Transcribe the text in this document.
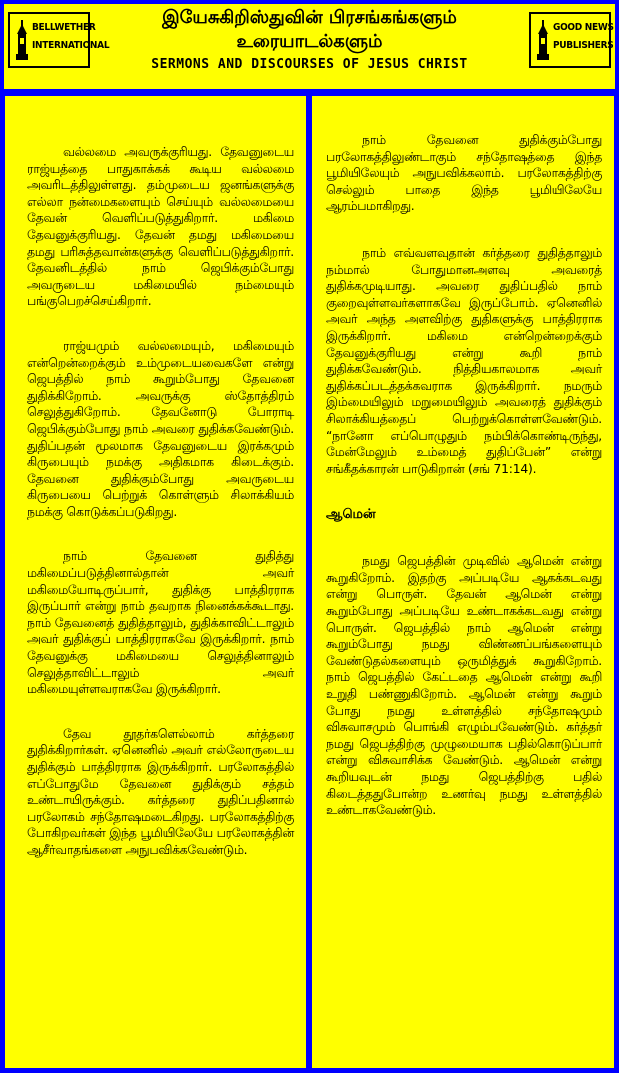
BELLWETHER
INTERNATIONAL
இயேசுகிறிஸ்துவின் பிரசங்கங்களும்
உரையாடல்களும்
SERMONS AND DISCOURSES OF JESUS CHRIST
GOOD NEWS
PUBLISHERS

வல்லமை அவருக்குரியது. தேவனுடைய ராஜ்யத்தை பாதுகாக்கக் கூடிய வல்லமை அவரிடத்திலுள்ளது. தம்முடைய ஜனங்களுக்கு எல்லா நன்மைகளையும் செய்யும் வல்லமையை தேவன் வெளிப்படுத்துகிறார். மகிமை தேவனுக்குரியது. தேவன் தமது மகிமையை தமது பரிசுத்தவான்களுக்கு வெளிப்படுத்துகிறார். தேவனிடத்தில் நாம் ஜெபிக்கும்போது அவருடைய மகிமையில் நம்மையும் பங்குபெறச்செய்கிறார்.

ராஜ்யமும் வல்லமையும், மகிமையும் என்றென்றைக்கும் உம்முடையவைகளே என்று ஜெபத்தில் நாம் கூறும்போது தேவனை துதிக்கிறோம். அவருக்கு ஸ்தோத்திரம் செலுத்துகிறோம். தேவனோடு போராடி ஜெபிக்கும்போது நாம் அவரை துதிக்கவேண்டும். துதிப்பதன் மூலமாக தேவனுடைய இரக்கமும் கிருபையும் நமக்கு அதிகமாக கிடைக்கும். தேவனை துதிக்கும்போது அவருடைய கிருபையை பெற்றுக் கொள்ளும் சிலாக்கியம் நமக்கு கொடுக்கப்படுகிறது.

நாம் தேவனை துதித்து மகிமைப்படுத்தினால்தான் அவர் மகிமையோடிருப்பார், துதிக்கு பாத்திரராக இருப்பார் என்று நாம் தவறாக நினைக்கக்கூடாது. நாம் தேவனைத் துதித்தாலும், துதிக்காவிட்டாலும் அவர் துதிக்குப் பாத்திரராகவே இருக்கிறார். நாம் தேவனுக்கு மகிமையை செலுத்தினாலும் செலுத்தாவிட்டாலும் அவர் மகிமையுள்ளவராகவே இருக்கிறார்.

தேவ தூதர்களெல்லாம் கர்த்தரை துதிக்கிறார்கள். ஏனெனில் அவர் எல்லோருடைய துதிக்கும் பாத்திரராக இருக்கிறார். பரலோகத்தில் எப்போதுமே தேவனை துதிக்கும் சத்தம் உண்டாயிருக்கும். கர்த்தரை துதிப்பதினால் பரலோகம் சந்தோஷமடைகிறது. பரலோகத்திற்கு போகிறவர்கள் இந்த பூமியிலேயே பரலோகத்தின் ஆசீர்வாதங்களை அநுபவிக்கவேண்டும்.

நாம் தேவனை துதிக்கும்போது பரலோகத்திலுண்டாகும் சந்தோஷத்தை இந்த பூமியிலேயும் அநுபவிக்கலாம். பரலோகத்திற்கு செல்லும் பாதை இந்த பூமியிலேயே ஆரம்பமாகிறது.

நாம் எவ்வளவுதான் கர்த்தரை துதித்தாலும் நம்மால் போதுமானஅளவு அவரைத் துதிக்கமுடியாது. அவரை துதிப்பதில் நாம் குறைவுள்ளவர்களாகவே இருப்போம். ஏனெனில் அவர் அந்த அளவிற்கு துதிகளுக்கு பாத்திரராக இருக்கிறார். மகிமை என்றென்றைக்கும் தேவனுக்குரியது என்று கூறி நாம் துதிக்கவேண்டும். நித்தியகாலமாக அவர் துதிக்கப்படத்தக்கவராக இருக்கிறார். நமரும் இம்மையிலும் மறுமையிலும் அவரைத் துதிக்கும் சிலாக்கியத்தைப் பெற்றுக்கொள்ளவேண்டும். “நானோ எப்பொழுதும் நம்பிக்கொண்டிருந்து, மேன்மேலும் உம்மைத் துதிப்பேன்” என்று சங்கீதக்காரன் பாடுகிறான் (சங் 71:14).

ஆமென்

நமது ஜெபத்தின் முடிவில் ஆமென் என்று கூறுகிறோம். இதற்கு அப்படியே ஆகக்கடவது என்று பொருள். தேவன் ஆமென் என்று கூறும்போது அப்படியே உண்டாகக்கடவது என்று பொருள். ஜெபத்தில் நாம் ஆமென் என்று கூறும்போது நமது விண்ணப்பங்களையும் வேண்டுதல்களையும் ஒருமித்துக் கூறுகிறோம். நாம் ஜெபத்தில் கேட்டதை ஆமென் என்று கூறி உறுதி பண்ணுகிறோம். ஆமென் என்று கூறும் போது நமது உள்ளத்தில் சந்தோஷமும் விசுவாசமும் பொங்கி எழும்பவேண்டும். கர்த்தர் நமது ஜெபத்திற்கு முழுமையாக பதில்கொடுப்பார் என்று விசுவாசிக்க வேண்டும். ஆமென் என்று கூறியவுடன் நமது ஜெபத்திற்கு பதில் கிடைத்ததுபோன்ற உணர்வு நமது உள்ளத்தில் உண்டாகவேண்டும்.
